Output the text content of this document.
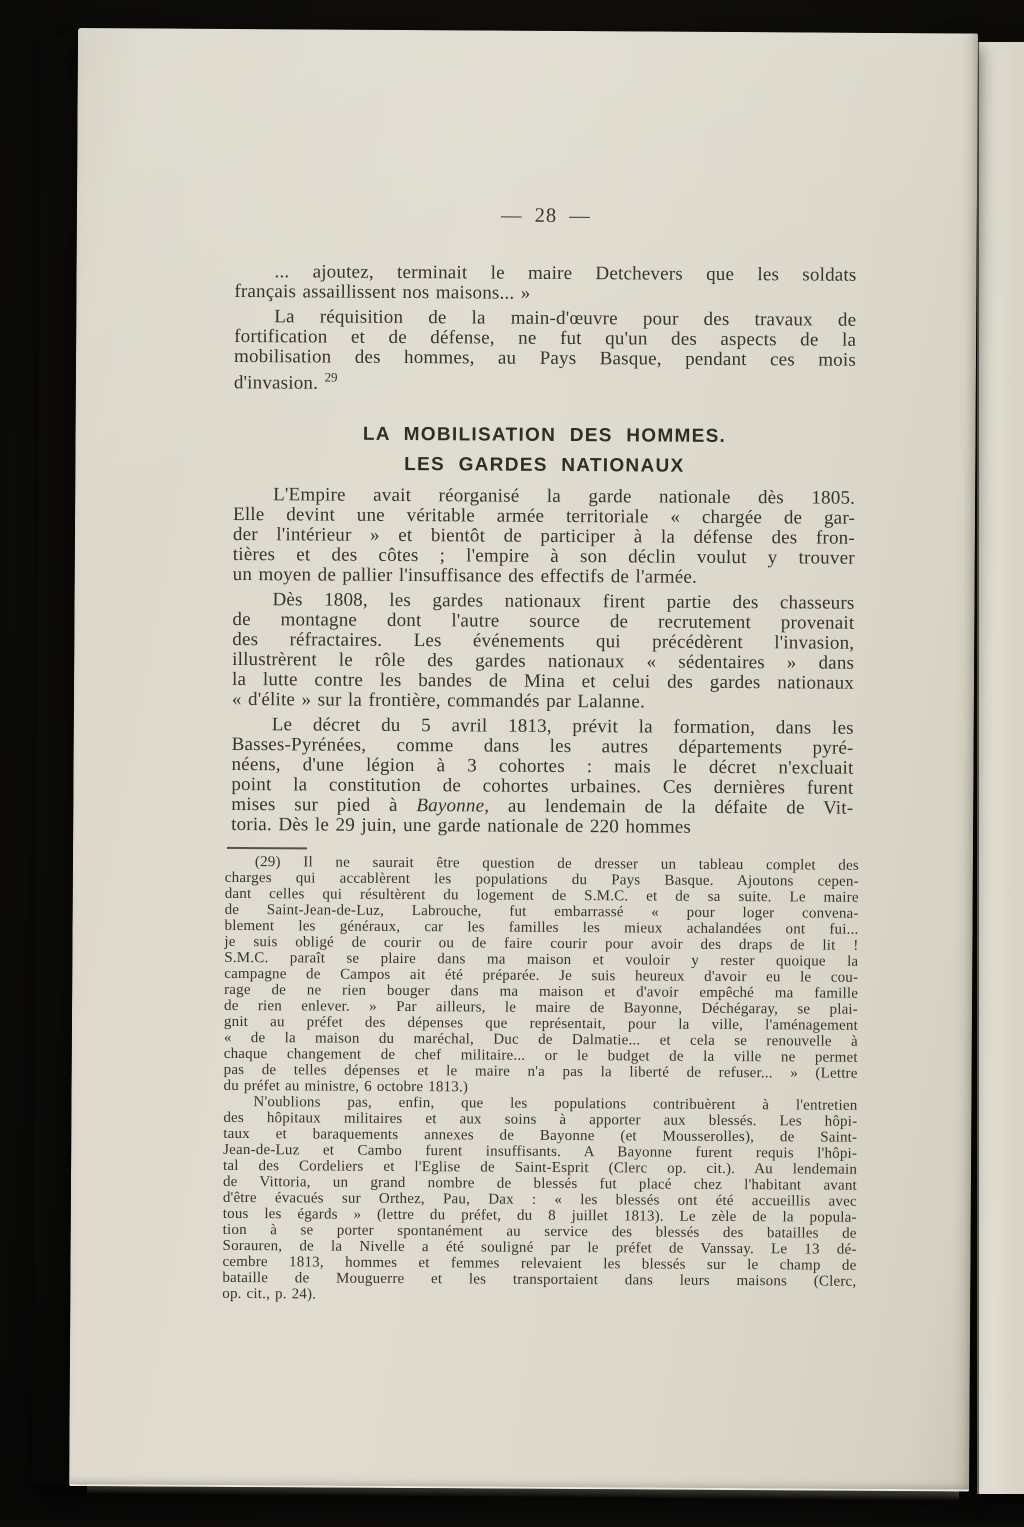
— 28 —
... ajoutez, terminait le maire Detchevers que les soldats
français assaillissent nos maisons... »
La réquisition de la main-d'œuvre pour des travaux de
fortification et de défense, ne fut qu'un des aspects de la
mobilisation des hommes, au Pays Basque, pendant ces mois
d'invasion. $^{29}$
LA MOBILISATION DES HOMMES.
LES GARDES NATIONAUX
L'Empire avait réorganisé la garde nationale dès 1805.
Elle devint une véritable armée territoriale « chargée de gar-
der l'intérieur » et bientôt de participer à la défense des fron-
tières et des côtes ; l'empire à son déclin voulut y trouver
un moyen de pallier l'insuffisance des effectifs de l'armée.
Dès 1808, les gardes nationaux firent partie des chasseurs
de montagne dont l'autre source de recrutement provenait
des réfractaires. Les événements qui précédèrent l'invasion,
illustrèrent le rôle des gardes nationaux « sédentaires » dans
la lutte contre les bandes de Mina et celui des gardes nationaux
« d'élite » sur la frontière, commandés par Lalanne.
Le décret du 5 avril 1813, prévit la formation, dans les
Basses-Pyrénées, comme dans les autres départements pyré-
néens, d'une légion à 3 cohortes : mais le décret n'excluait
point la constitution de cohortes urbaines. Ces dernières furent
mises sur pied à Bayonne, au lendemain de la défaite de Vit-
toria. Dès le 29 juin, une garde nationale de 220 hommes
(29) Il ne saurait être question de dresser un tableau complet des
charges qui accablèrent les populations du Pays Basque. Ajoutons cepen-
dant celles qui résultèrent du logement de S.M.C. et de sa suite. Le maire
de Saint-Jean-de-Luz, Labrouche, fut embarrassé « pour loger convena-
blement les généraux, car les familles les mieux achalandées ont fui...
je suis obligé de courir ou de faire courir pour avoir des draps de lit !
S.M.C. paraît se plaire dans ma maison et vouloir y rester quoique la
campagne de Campos ait été préparée. Je suis heureux d'avoir eu le cou-
rage de ne rien bouger dans ma maison et d'avoir empêché ma famille
de rien enlever. » Par ailleurs, le maire de Bayonne, Déchégaray, se plai-
gnit au préfet des dépenses que représentait, pour la ville, l'aménagement
« de la maison du maréchal, Duc de Dalmatie... et cela se renouvelle à
chaque changement de chef militaire... or le budget de la ville ne permet
pas de telles dépenses et le maire n'a pas la liberté de refuser... » (Lettre
du préfet au ministre, 6 octobre 1813.)
N'oublions pas, enfin, que les populations contribuèrent à l'entretien
des hôpitaux militaires et aux soins à apporter aux blessés. Les hôpi-
taux et baraquements annexes de Bayonne (et Mousserolles), de Saint-
Jean-de-Luz et Cambo furent insuffisants. A Bayonne furent requis l'hôpi-
tal des Cordeliers et l'Eglise de Saint-Esprit (Clerc op. cit.). Au lendemain
de Vittoria, un grand nombre de blessés fut placé chez l'habitant avant
d'être évacués sur Orthez, Pau, Dax : « les blessés ont été accueillis avec
tous les égards » (lettre du préfet, du 8 juillet 1813). Le zèle de la popula-
tion à se porter spontanément au service des blessés des batailles de
Sorauren, de la Nivelle a été souligné par le préfet de Vanssay. Le 13 dé-
cembre 1813, hommes et femmes relevaient les blessés sur le champ de
bataille de Mouguerre et les transportaient dans leurs maisons (Clerc,
op. cit., p. 24).
